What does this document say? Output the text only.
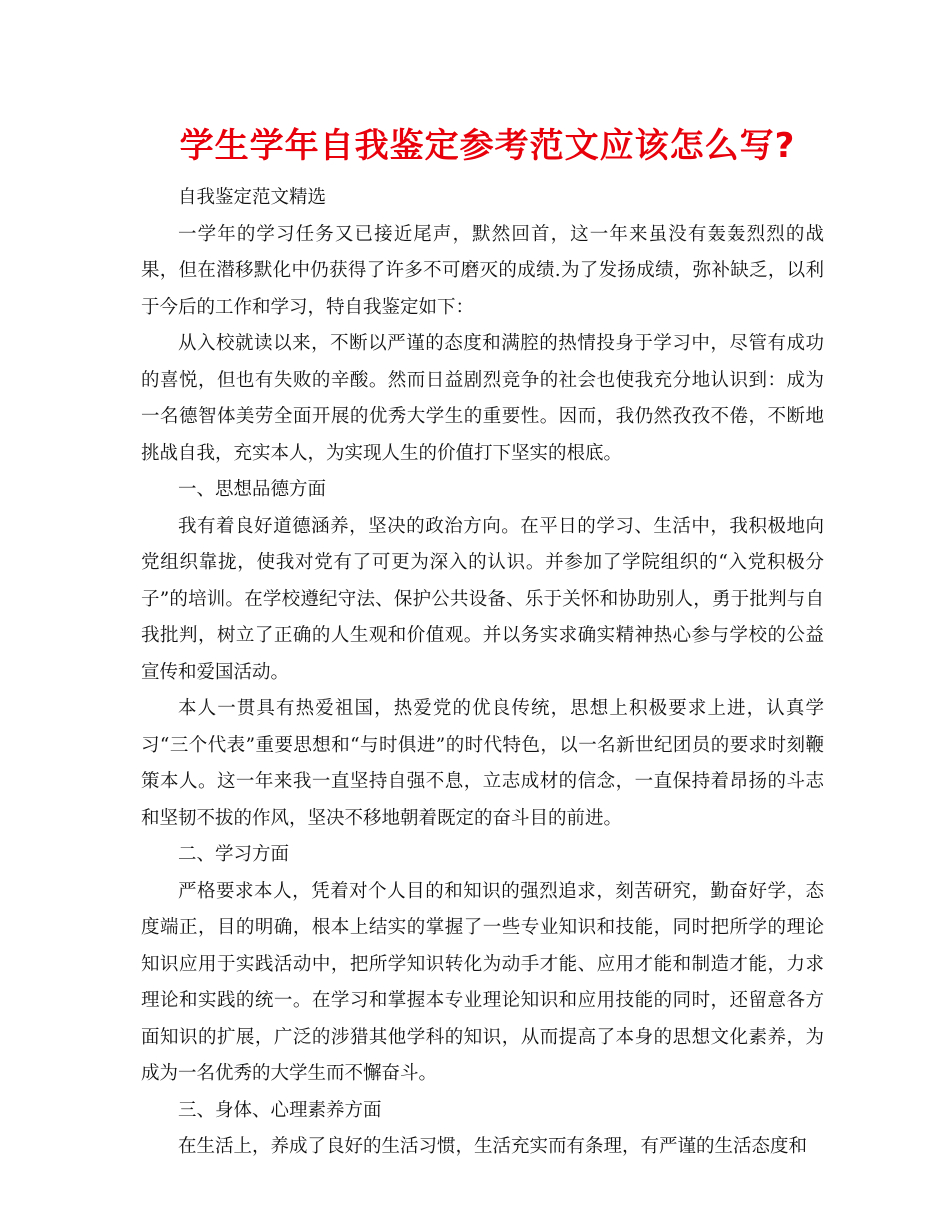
学生学年自我鉴定参考范文应该怎么写?

自我鉴定范文精选

一学年的学习任务又已接近尾声，默然回首，这一年来虽没有轰轰烈烈的战果，但在潜移默化中仍获得了许多不可磨灭的成绩.为了发扬成绩，弥补缺乏，以利于今后的工作和学习，特自我鉴定如下：

从入校就读以来，不断以严谨的态度和满腔的热情投身于学习中，尽管有成功的喜悦，但也有失败的辛酸。然而日益剧烈竞争的社会也使我充分地认识到：成为一名德智体美劳全面开展的优秀大学生的重要性。因而，我仍然孜孜不倦，不断地挑战自我，充实本人，为实现人生的价值打下坚实的根底。

一、思想品德方面

我有着良好道德涵养，坚决的政治方向。在平日的学习、生活中，我积极地向党组织靠拢，使我对党有了可更为深入的认识。并参加了学院组织的“入党积极分子”的培训。在学校遵纪守法、保护公共设备、乐于关怀和协助别人，勇于批判与自我批判，树立了正确的人生观和价值观。并以务实求确实精神热心参与学校的公益宣传和爱国活动。

本人一贯具有热爱祖国，热爱党的优良传统，思想上积极要求上进，认真学习“三个代表”重要思想和“与时俱进”的时代特色，以一名新世纪团员的要求时刻鞭策本人。这一年来我一直坚持自强不息，立志成材的信念，一直保持着昂扬的斗志和坚韧不拔的作风，坚决不移地朝着既定的奋斗目的前进。

二、学习方面

严格要求本人，凭着对个人目的和知识的强烈追求，刻苦研究，勤奋好学，态度端正，目的明确，根本上结实的掌握了一些专业知识和技能，同时把所学的理论知识应用于实践活动中，把所学知识转化为动手才能、应用才能和制造才能，力求理论和实践的统一。在学习和掌握本专业理论知识和应用技能的同时，还留意各方面知识的扩展，广泛的涉猎其他学科的知识，从而提高了本身的思想文化素养，为成为一名优秀的大学生而不懈奋斗。

三、身体、心理素养方面

在生活上，养成了良好的生活习惯，生活充实而有条理，有严谨的生活态度和
